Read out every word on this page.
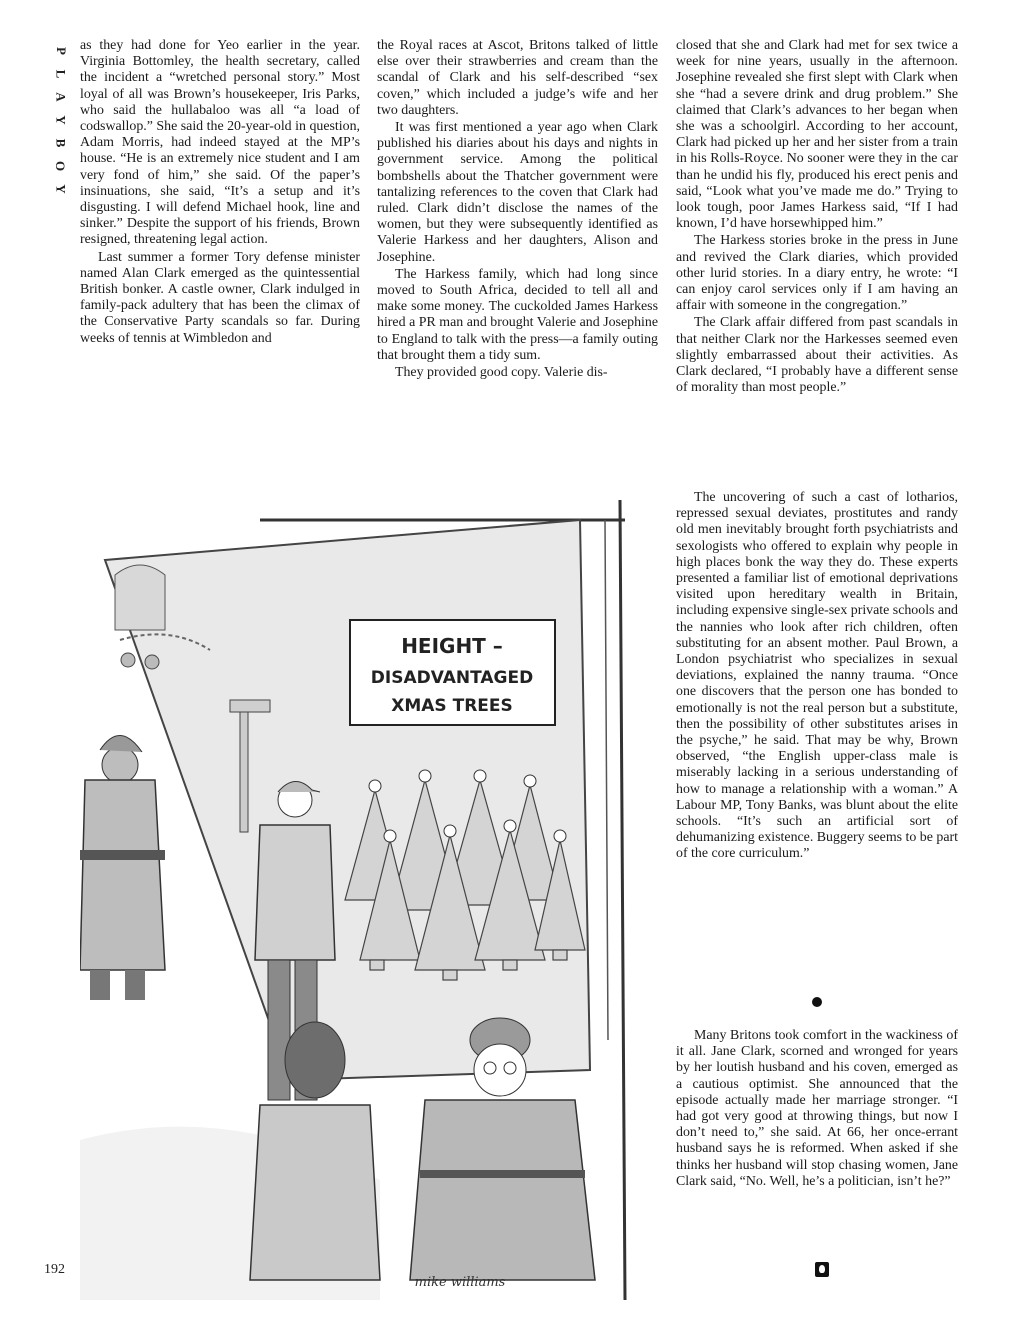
P
L
A
Y
B
O
Y

as they had done for Yeo earlier in the year. Virginia Bottomley, the health secretary, called the incident a “wretched personal story.” Most loyal of all was Brown’s housekeeper, Iris Parks, who said the hullabaloo was all “a load of codswallop.” She said the 20-year-old in question, Adam Morris, had indeed stayed at the MP’s house. “He is an extremely nice student and I am very fond of him,” she said. Of the paper’s insinuations, she said, “It’s a setup and it’s disgusting. I will defend Michael hook, line and sinker.” Despite the support of his friends, Brown resigned, threatening legal action.

Last summer a former Tory defense minister named Alan Clark emerged as the quintessential British bonker. A castle owner, Clark indulged in family-pack adultery that has been the climax of the Conservative Party scandals so far. During weeks of tennis at Wimbledon and

the Royal races at Ascot, Britons talked of little else over their strawberries and cream than the scandal of Clark and his self-described “sex coven,” which included a judge’s wife and her two daughters.

It was first mentioned a year ago when Clark published his diaries about his days and nights in government service. Among the political bombshells about the Thatcher government were tantalizing references to the coven that Clark had ruled. Clark didn’t disclose the names of the women, but they were subsequently identified as Valerie Harkess and her daughters, Alison and Josephine.

The Harkess family, which had long since moved to South Africa, decided to tell all and make some money. The cuckolded James Harkess hired a PR man and brought Valerie and Josephine to England to talk with the press—a family outing that brought them a tidy sum.

They provided good copy. Valerie dis-

closed that she and Clark had met for sex twice a week for nine years, usually in the afternoon. Josephine revealed she first slept with Clark when she “had a severe drink and drug problem.” She claimed that Clark’s advances to her began when she was a schoolgirl. According to her account, Clark had picked up her and her sister from a train in his Rolls-Royce. No sooner were they in the car than he undid his fly, produced his erect penis and said, “Look what you’ve made me do.” Trying to look tough, poor James Harkess said, “If I had known, I’d have horsewhipped him.”

The Harkess stories broke in the press in June and revived the Clark diaries, which provided other lurid stories. In a diary entry, he wrote: “I can enjoy carol services only if I am having an affair with someone in the congregation.”

The Clark affair differed from past scandals in that neither Clark nor the Harkesses seemed even slightly embarrassed about their activities. As Clark declared, “I probably have a different sense of morality than most people.”

The uncovering of such a cast of lotharios, repressed sexual deviates, prostitutes and randy old men inevitably brought forth psychiatrists and sexologists who offered to explain why people in high places bonk the way they do. These experts presented a familiar list of emotional deprivations visited upon hereditary wealth in Britain, including expensive single-sex private schools and the nannies who look after rich children, often substituting for an absent mother. Paul Brown, a London psychiatrist who specializes in sexual deviations, explained the nanny trauma. “Once one discovers that the person one has bonded to emotionally is not the real person but a substitute, then the possibility of other substitutes arises in the psyche,” he said. That may be why, Brown observed, “the English upper-class male is miserably lacking in a serious understanding of how to manage a relationship with a woman.” A Labour MP, Tony Banks, was blunt about the elite schools. “It’s such an artificial sort of dehumanizing existence. Buggery seems to be part of the core curriculum.”

Many Britons took comfort in the wackiness of it all. Jane Clark, scorned and wronged for years by her loutish husband and his coven, emerged as a cautious optimist. She announced that the episode actually made her marriage stronger. “I had got very good at throwing things, but now I don’t need to,” she said. At 66, her once-errant husband says he is reformed. When asked if she thinks her husband will stop chasing women, Jane Clark said, “No. Well, he’s a politician, isn’t he?”

HEIGHT –
DISADVANTAGED
XMAS TREES
mike williams
192
